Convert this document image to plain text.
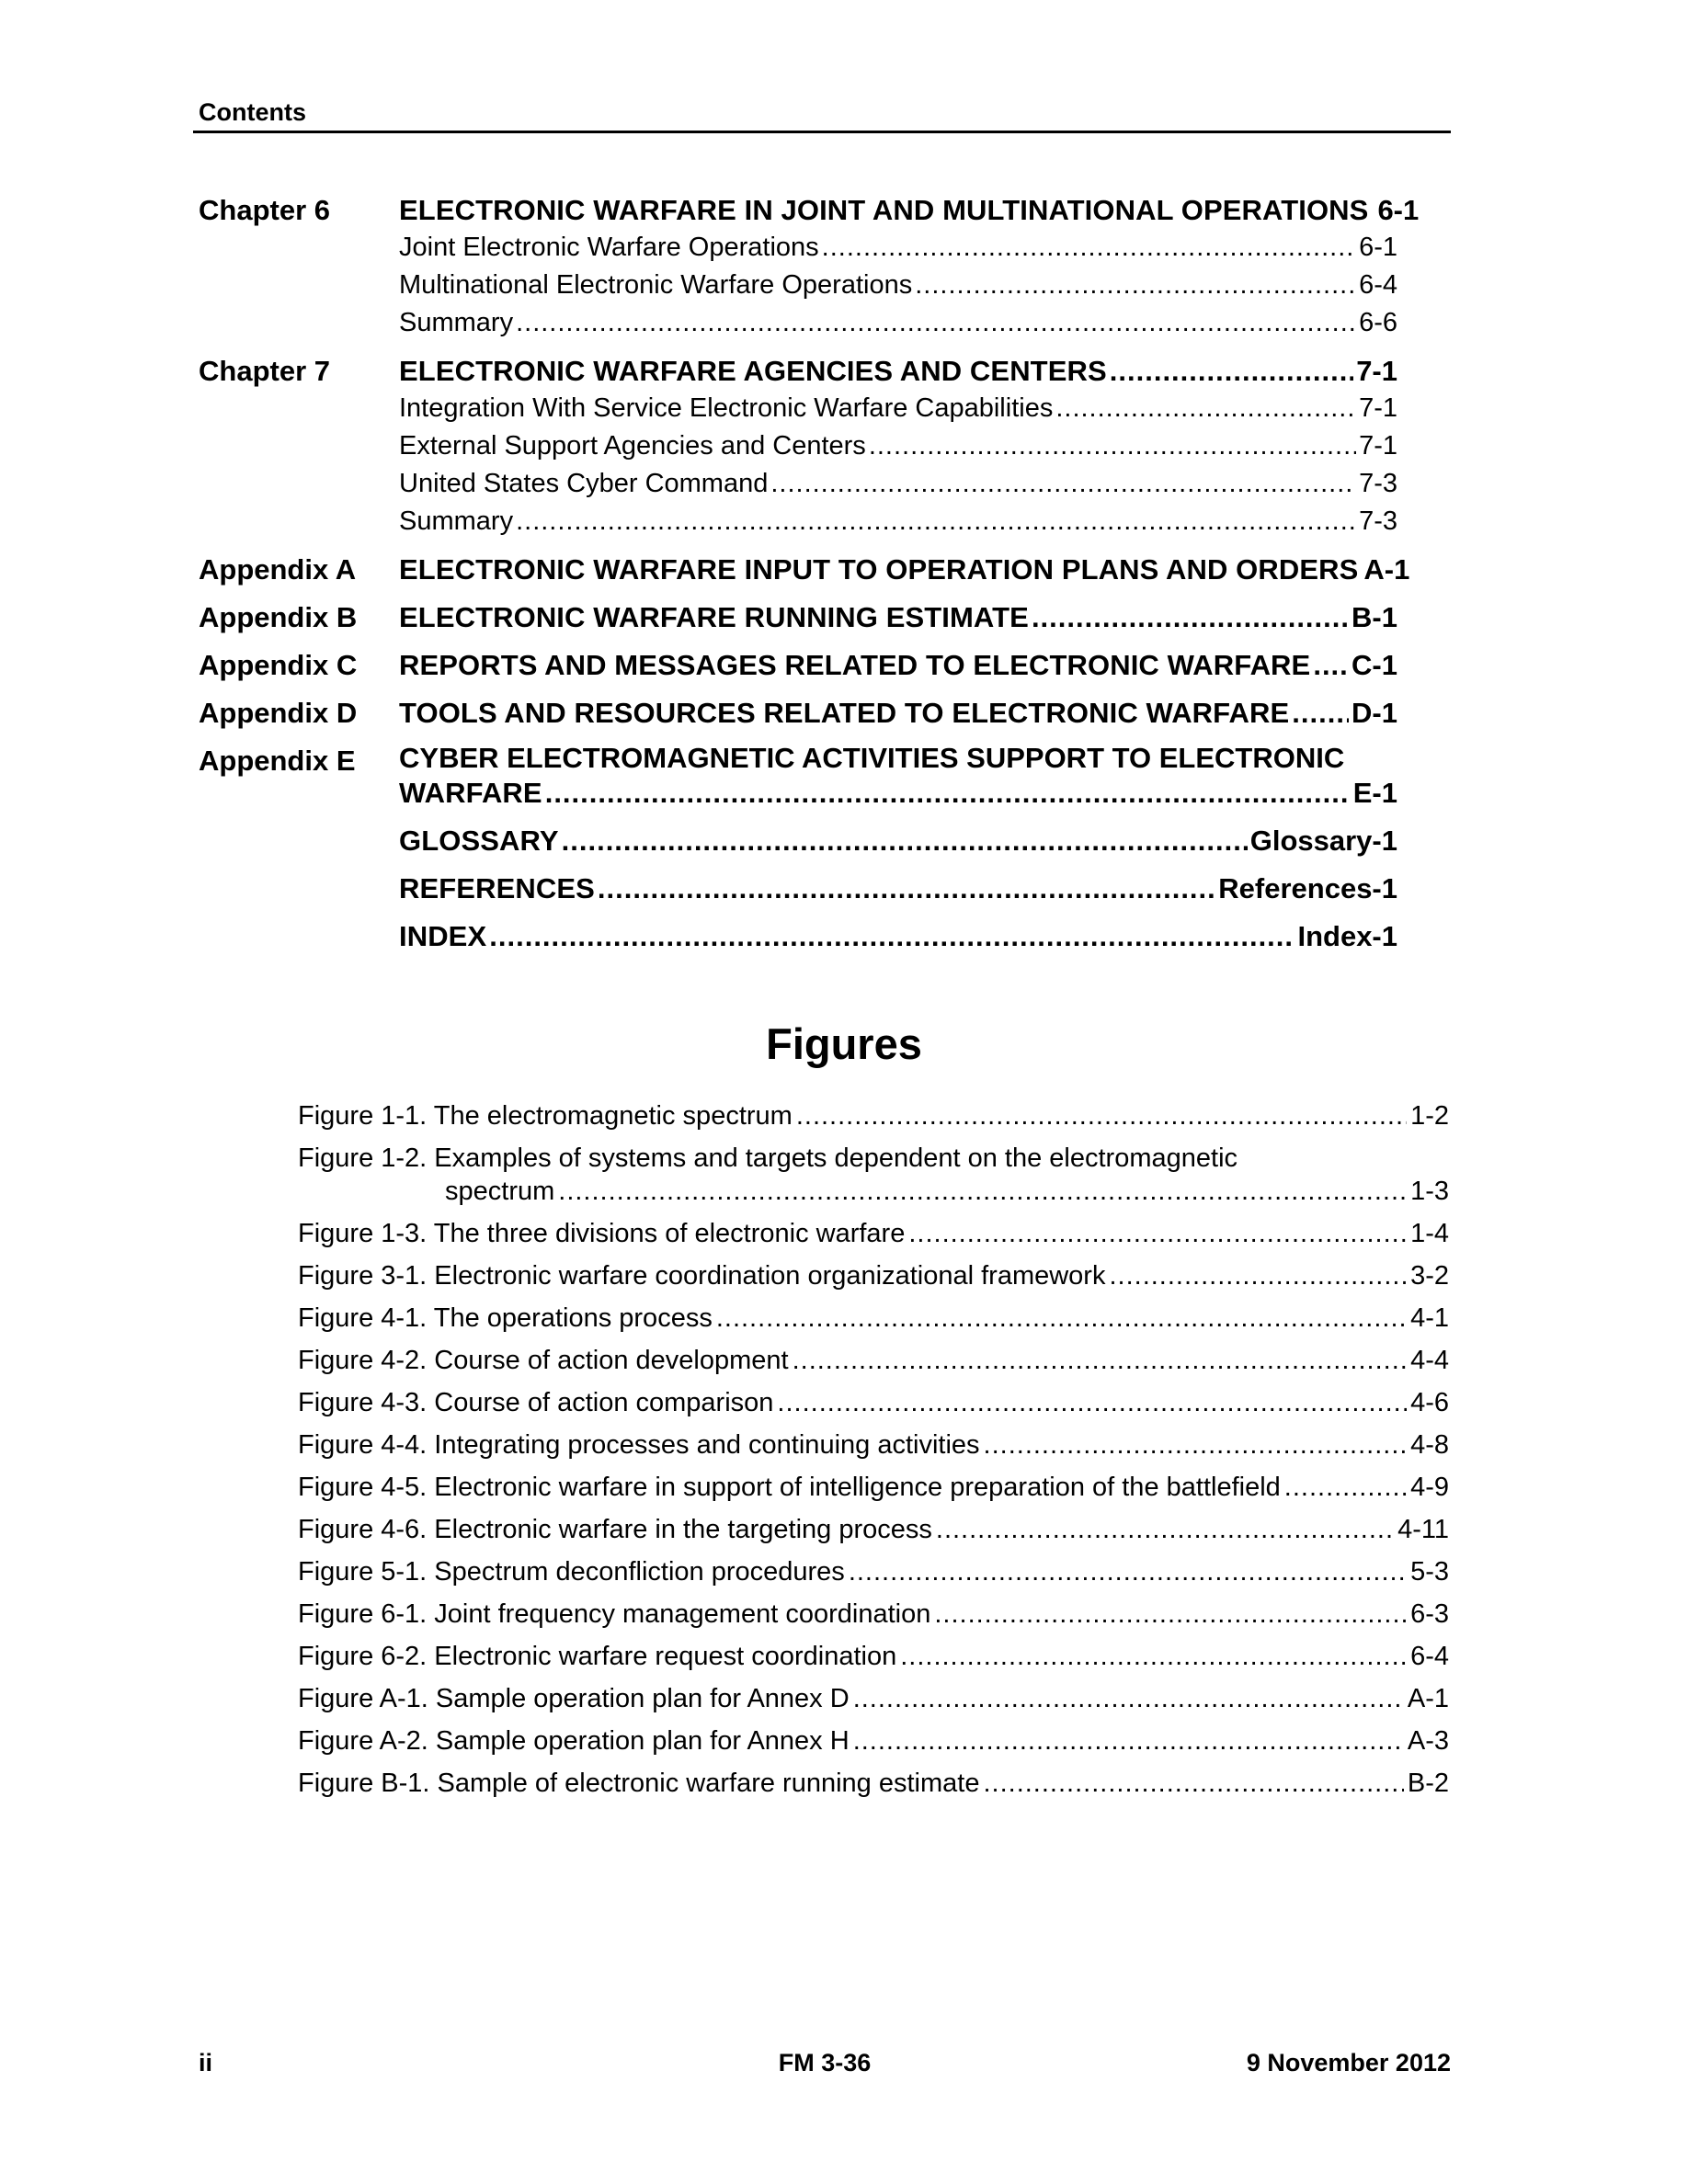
Contents
Chapter 6	ELECTRONIC WARFARE IN JOINT AND MULTINATIONAL OPERATIONS 6-1
Joint Electronic Warfare Operations .....	6-1
Multinational Electronic Warfare Operations .....	6-4
Summary .....	6-6
Chapter 7	ELECTRONIC WARFARE AGENCIES AND CENTERS .....	7-1
Integration With Service Electronic Warfare Capabilities .....	7-1
External Support Agencies and Centers .....	7-1
United States Cyber Command .....	7-3
Summary .....	7-3
Appendix A	ELECTRONIC WARFARE INPUT TO OPERATION PLANS AND ORDERS A-1
Appendix B	ELECTRONIC WARFARE RUNNING ESTIMATE .....	B-1
Appendix C	REPORTS AND MESSAGES RELATED TO ELECTRONIC WARFARE ..... C-1
Appendix D	TOOLS AND RESOURCES RELATED TO ELECTRONIC WARFARE ..... D-1
Appendix E	CYBER ELECTROMAGNETIC ACTIVITIES SUPPORT TO ELECTRONIC
WARFARE .....	E-1
GLOSSARY .....	Glossary-1
REFERENCES .....	References-1
INDEX .....	Index-1
Figures
Figure 1-1. The electromagnetic spectrum .....	1-2
Figure 1-2. Examples of systems and targets dependent on the electromagnetic
spectrum .....	1-3
Figure 1-3. The three divisions of electronic warfare .....	1-4
Figure 3-1. Electronic warfare coordination organizational framework .....	3-2
Figure 4-1. The operations process .....	4-1
Figure 4-2. Course of action development .....	4-4
Figure 4-3. Course of action comparison .....	4-6
Figure 4-4. Integrating processes and continuing activities .....	4-8
Figure 4-5. Electronic warfare in support of intelligence preparation of the battlefield .....	4-9
Figure 4-6. Electronic warfare in the targeting process .....	4-11
Figure 5-1. Spectrum deconfliction procedures .....	5-3
Figure 6-1. Joint frequency management coordination .....	6-3
Figure 6-2. Electronic warfare request coordination .....	6-4
Figure A-1. Sample operation plan for Annex D .....	A-1
Figure A-2. Sample operation plan for Annex H .....	A-3
Figure B-1. Sample of electronic warfare running estimate .....	B-2
ii	FM 3-36	9 November 2012
